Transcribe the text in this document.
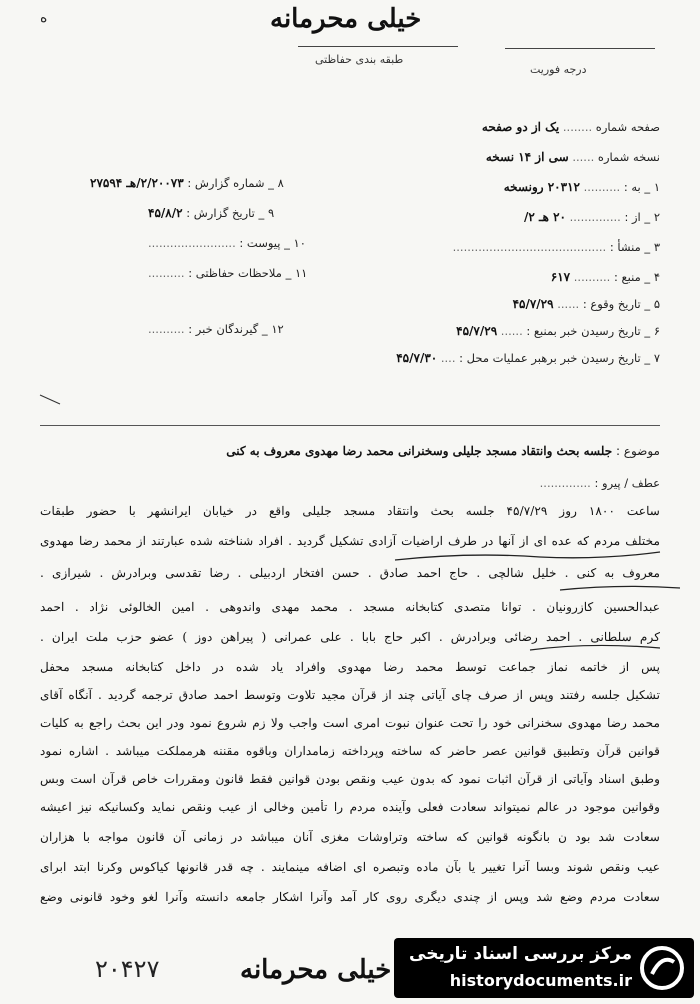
ه	خیلی محرمانه
طبقه بندی حفاظتی
درجه فوریت
صفحه شماره ........ یک از دو صفحه
نسخه شماره ...... سی از ۱۴ نسخه
۱ _ به : .......... ۲۰۳۱۲ رونسخه
۲ _ از : .............. ۲۰ هـ ۲/
۳ _ منشأ : ..........................................
۴ _ منبع : .......... ۶۱۷
۵ _ تاریخ وقوع : ...... ۴۵/۷/۲۹
۶ _ تاریخ رسیدن خبر بمنبع : ...... ۴۵/۷/۲۹
۷ _ تاریخ رسیدن خبر برهبر عملیات محل : .... ۴۵/۷/۳۰
۸ _ شماره گزارش : ۲/۲۰۰۷۳/هـ ۲۷۵۹۴
۹ _ تاریخ گزارش : ۴۵/۸/۲
۱۰ _ پیوست : ........................
۱۱ _ ملاحظات حفاظتی : ..........
۱۲ _ گیرندگان خبر : ..........
موضوع : جلسه بحث وانتقاد مسجد جلیلی وسخنرانی محمد رضا مهدوی معروف به کنی
عطف / پیرو : ..............
ساعت ۱۸۰۰ روز ۴۵/۷/۲۹ جلسه بحث وانتقاد مسجد جلیلی واقع در خیابان ایرانشهر با حضور طبقات
مختلف مردم که عده ای از آنها در طرف اراضیات آزادی تشکیل گردید . افراد شناخته شده عبارتند از محمد رضا مهدوی
معروف به کنی . خلیل شالچی . حاج احمد صادق . حسن افتخار اردبیلی . رضا تقدسی وبرادرش . شیرازی .
عبدالحسین کازرونیان . توانا متصدی کتابخانه مسجد . محمد مهدی واندوهی . امین الخالوئی نژاد . احمد
کرم سلطانی . احمد رضائی وبرادرش . اکبر حاج بابا . علی عمرانی ( پیراهن دوز ) عضو حزب ملت ایران .
پس از خاتمه نماز جماعت توسط محمد رضا مهدوی وافراد یاد شده در داخل کتابخانه مسجد محفل
تشکیل جلسه رفتند وپس از صرف چای آیاتی چند از قرآن مجید تلاوت وتوسط احمد صادق ترجمه گردید . آنگاه آقای
محمد رضا مهدوی سخنرانی خود را تحت عنوان نبوت امری است واجب ولا زم شروع نمود ودر این بحث راجع به کلیات
قوانین قرآن وتطبیق قوانین عصر حاضر که ساخته وپرداخته زمامداران وباقوه مقننه هرمملکت میباشد . اشاره نمود
وطبق اسناد وآیاتی از قرآن اثبات نمود که بدون عیب ونقص بودن قوانین فقط قانون ومقررات خاص قرآن است وبس
وقوانین موجود در عالم نمیتواند سعادت فعلی وآینده مردم را تأمین وخالی از عیب ونقص نماید وکسانیکه نیز اعیشه
سعادت شد بود ن بانگونه قوانین که ساخته وتراوشات مغزی آنان میباشد در زمانی آن قانون مواجه با هزاران
عیب ونقص شوند وبسا آنرا تغییر یا بآن ماده وتبصره ای اضافه مینمایند . چه قدر قانونها کیاکوس وکرنا ابتد ابرای
سعادت مردم وضع شد وپس از چندی دیگری روی کار آمد وآنرا اشکار جامعه دانسته وآنرا لغو وخود قانونی وضع
۲۰۴۲۷	خیلی محرمانه
مرکز بررسی اسناد تاریخی
historydocuments.ir
